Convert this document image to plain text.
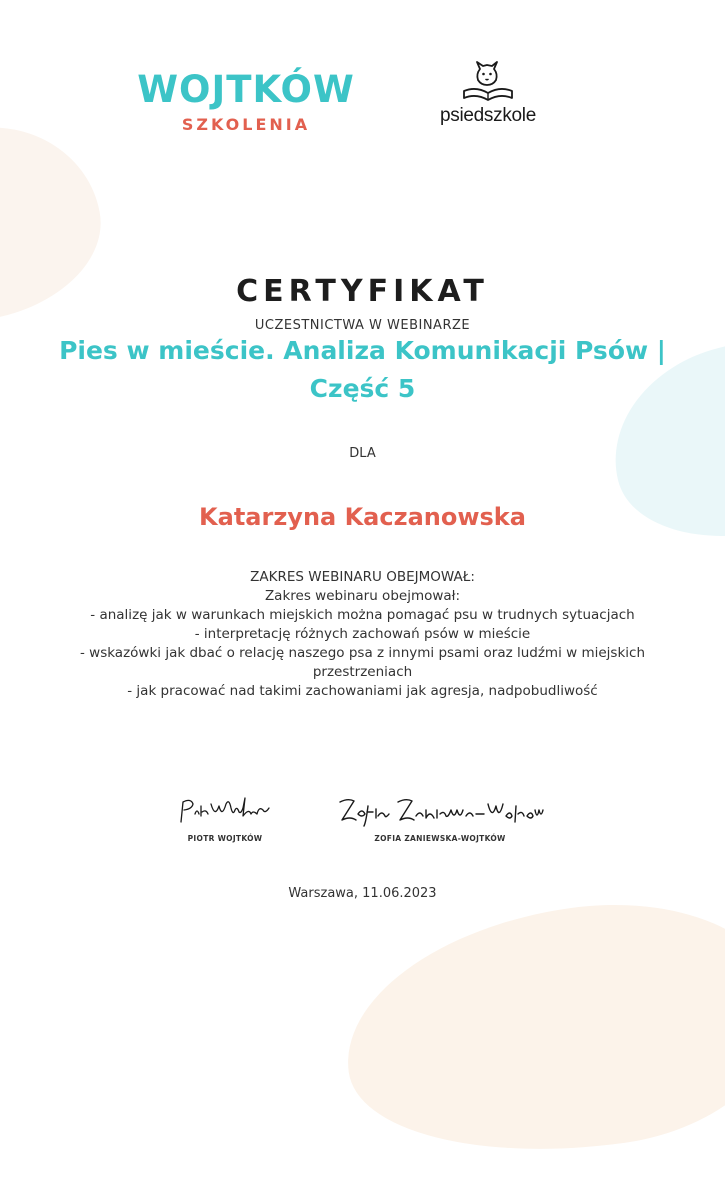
WOJTKÓW
SZKOLENIA	psiedszkole
CERTYFIKAT
UCZESTNICTWA W WEBINARZE
Pies w mieście. Analiza Komunikacji Psów | Część 5
DLA
Katarzyna Kaczanowska
ZAKRES WEBINARU OBEJMOWAŁ:
Zakres webinaru obejmował:
- analizę jak w warunkach miejskich można pomagać psu w trudnych sytuacjach
- interpretację różnych zachowań psów w mieście
- wskazówki jak dbać o relację naszego psa z innymi psami oraz ludźmi w miejskich przestrzeniach
- jak pracować nad takimi zachowaniami jak agresja, nadpobudliwość
PIOTR WOJTKÓW	ZOFIA ZANIEWSKA-WOJTKÓW
Warszawa, 11.06.2023
